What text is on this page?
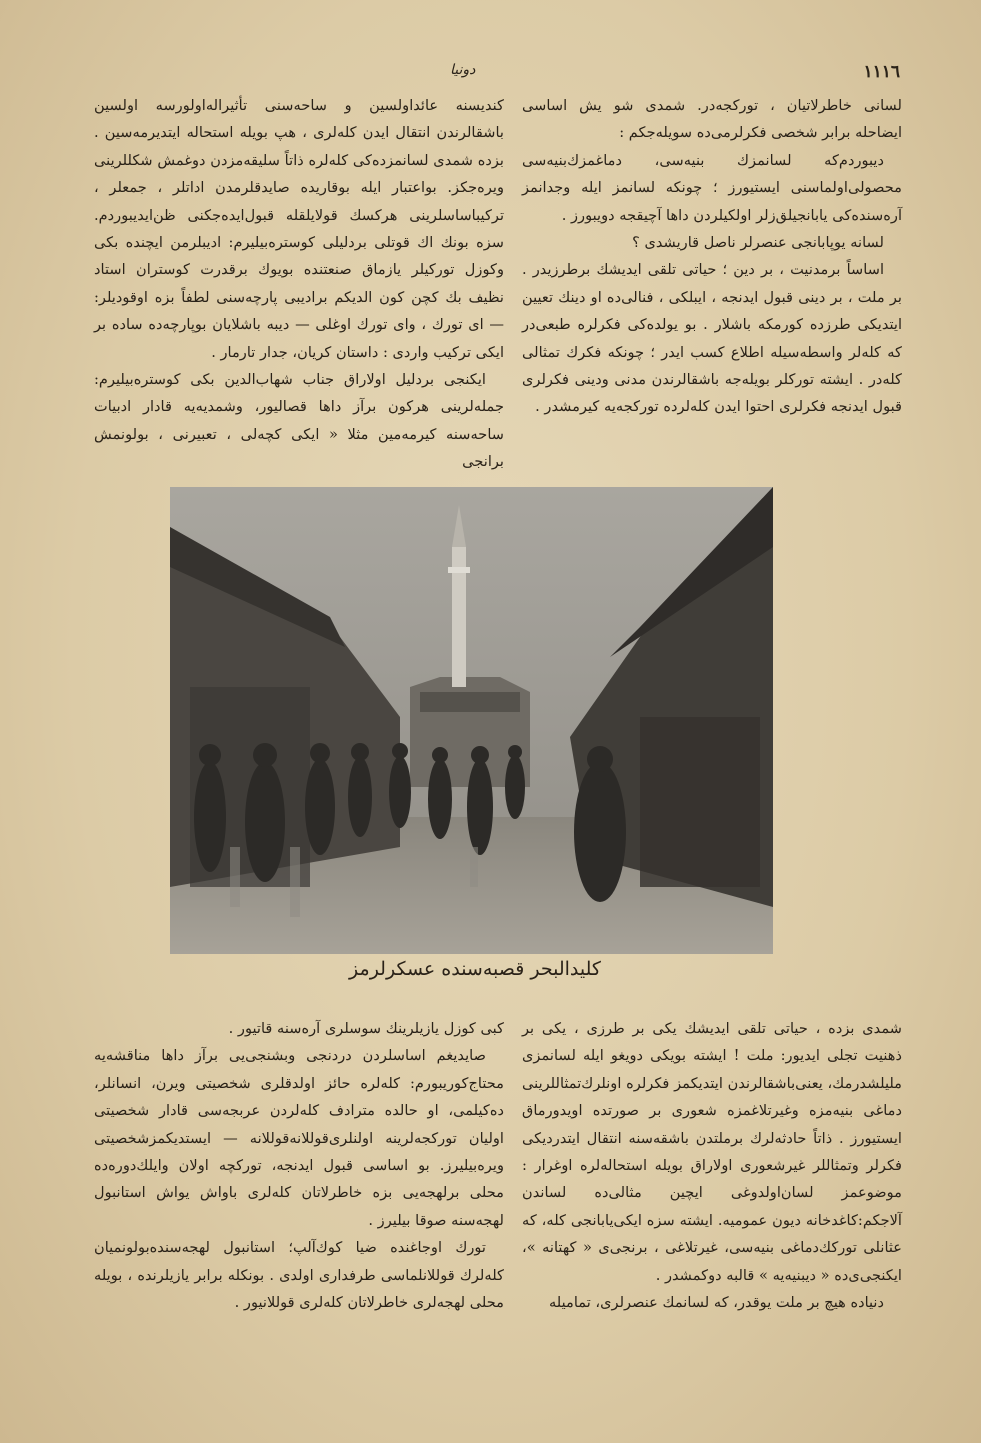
دونيا	١١١٦

لسانى خاطرلاتيان ، توركجه‌در. شمدى شو يش اساسى ايضاحله برابر شخصى فكرلرمى‌ده سويله‌جكم :

ديبوردم‌كه لسانمزك بنيه‌سى، دماغمزك‌بنيه‌سى محصولى‌اولماسنى ايستيورز ؛ چونكه لسانمز ايله وجدانمز آره‌سنده‌كى يابانجيلق‌زلر اولكيلردن داها آچيقجه دويبورز .

لسانه يوپابانجى عنصرلر ناصل قاريشدى ؟

اساساً برمدنيت ، بر دين ؛ حياتى تلقى ايديشك برطرزيدر . بر ملت ، بر دينى قبول ايدنجه ، ايبلكى ، فنالى‌ده او دينك تعيين ايتديكى طرزده كورمكه باشلار . بو يولده‌كى فكرلره طبعى‌در كه كله‌لر واسطه‌سيله اطلاع كسب ايدر ؛ چونكه فكرك تمثالى كله‌در . ايشته توركلر بويله‌جه باشقالرندن مدنى ودينى فكرلرى قبول ايدنجه فكرلرى احتوا ايدن كله‌لرده توركجه‌يه كيرمشدر .

كنديسنه عائداولسين و ساحه‌سنى تأثيراله‌اولورسه اولسين باشقالرندن انتقال ايدن كله‌لرى ، هپ بويله استحاله ايتديرمه‌سين . بزده شمدى لسانمزده‌كى كله‌لره ذاتاً سليقه‌مزدن دوغمش شكللرينى ويره‌جكز. بواعتبار ايله بوقاريده صايدقلرمدن اداتلر ، جمعلر ، تركيباساسلرينى هركسك قولايلقله قبول‌ايده‌جكنى ظن‌ايديبوردم. سزه بونك اك قوتلى بردليلى كوستره‌بيليرم: اديبلرمن ايچنده بكى وكوزل توركيلر يازماق صنعتنده بويوك برقدرت كوستران استاد نظيف بك كچن كون الديكم براديبى پارچه‌سنى لطفاً بزه اوقوديلر: — اى تورك ، واى تورك اوغلى — ديبه باشلايان بوپارچه‌ده ساده بر ايكى تركيب واردى : داستان كريان، جدار تارمار .

ايكنجى بردليل اولاراق جناب شهاب‌الدين بكى كوستره‌بيليرم: جمله‌لرينى هركون برآز داها قصاليور، وشمديه‌يه قادار ادبيات ساحه‌سنه كيرمه‌مين مثلا « ايكى كچه‌لى ، تعبيرنى ، بولونمش برانجى

كليدالبحر قصبه‌سنده عسكرلرمز

شمدى بزده ، حياتى تلقى ايديشك يكى بر طرزى ، يكى بر ذهنيت تجلى ايديور: ملت ! ايشته بويكى دويغو ايله لسانمزى مليلشدرمك، يعنى‌باشقالرندن ايتديكمز فكرلره اونلرك‌تمثاللرينى دماغى بنيه‌مزه وغيرتلاغمزه شعورى بر صورتده اويدورماق ايستيورز . ذاتاً حادثه‌لرك برملتدن باشقه‌سنه انتقال ايتدرديكى فكرلر وتمثاللر غيرشعورى اولاراق بويله استحاله‌لره اوغرار : موضوعمز لسان‌اولدوغى ايچين مثالى‌ده لساندن آلاجكم:كاغدخانه ديون عموميه. ايشته سزه ايكى‌يابانجى كله، كه عثانلى توركك‌دماغى بنيه‌سى، غيرتلاغى ، برنجى‌ى « كهتانه »، ايكنجى‌ى‌ده « ديبنيه‌يه » قالبه دوكمشدر .

دنياده هيچ بر ملت يوقدر، كه لسانمك عنصرلرى، تماميله

كبى كوزل يازيلرينك سوسلرى آره‌سنه قاتيور .

صايديغم اساسلردن دردنجى وبشنجى‌يى برآز داها مناقشه‌يه محتاج‌كوريبورم: كله‌لره حائز اولدقلرى شخصيتى ويرن، انسانلر، ده‌كيلمى، او حالده مترادف كله‌لردن عربجه‌سى قادار شخصيتى اوليان توركجه‌لرينه اولنلرى‌قوللانه‌قوللانه — ايستديكمز‌شخصيتى ويره‌بيليرز. بو اساسى قبول ايدنجه، توركچه اولان وايلك‌دوره‌ده محلى برلهجه‌يى بزه خاطرلاتان كله‌لرى باواش يواش استانبول لهجه‌سنه صوقا بيليرز .

تورك اوجاغنده ضيا كوك‌آلپ؛ استانبول لهجه‌سنده‌بولونميان كله‌لرك قوللانلماسى طرفدارى اولدى . بونكله برابر يازيلرنده ، بويله محلى لهجه‌لرى خاطرلاتان كله‌لرى قوللانيور .
